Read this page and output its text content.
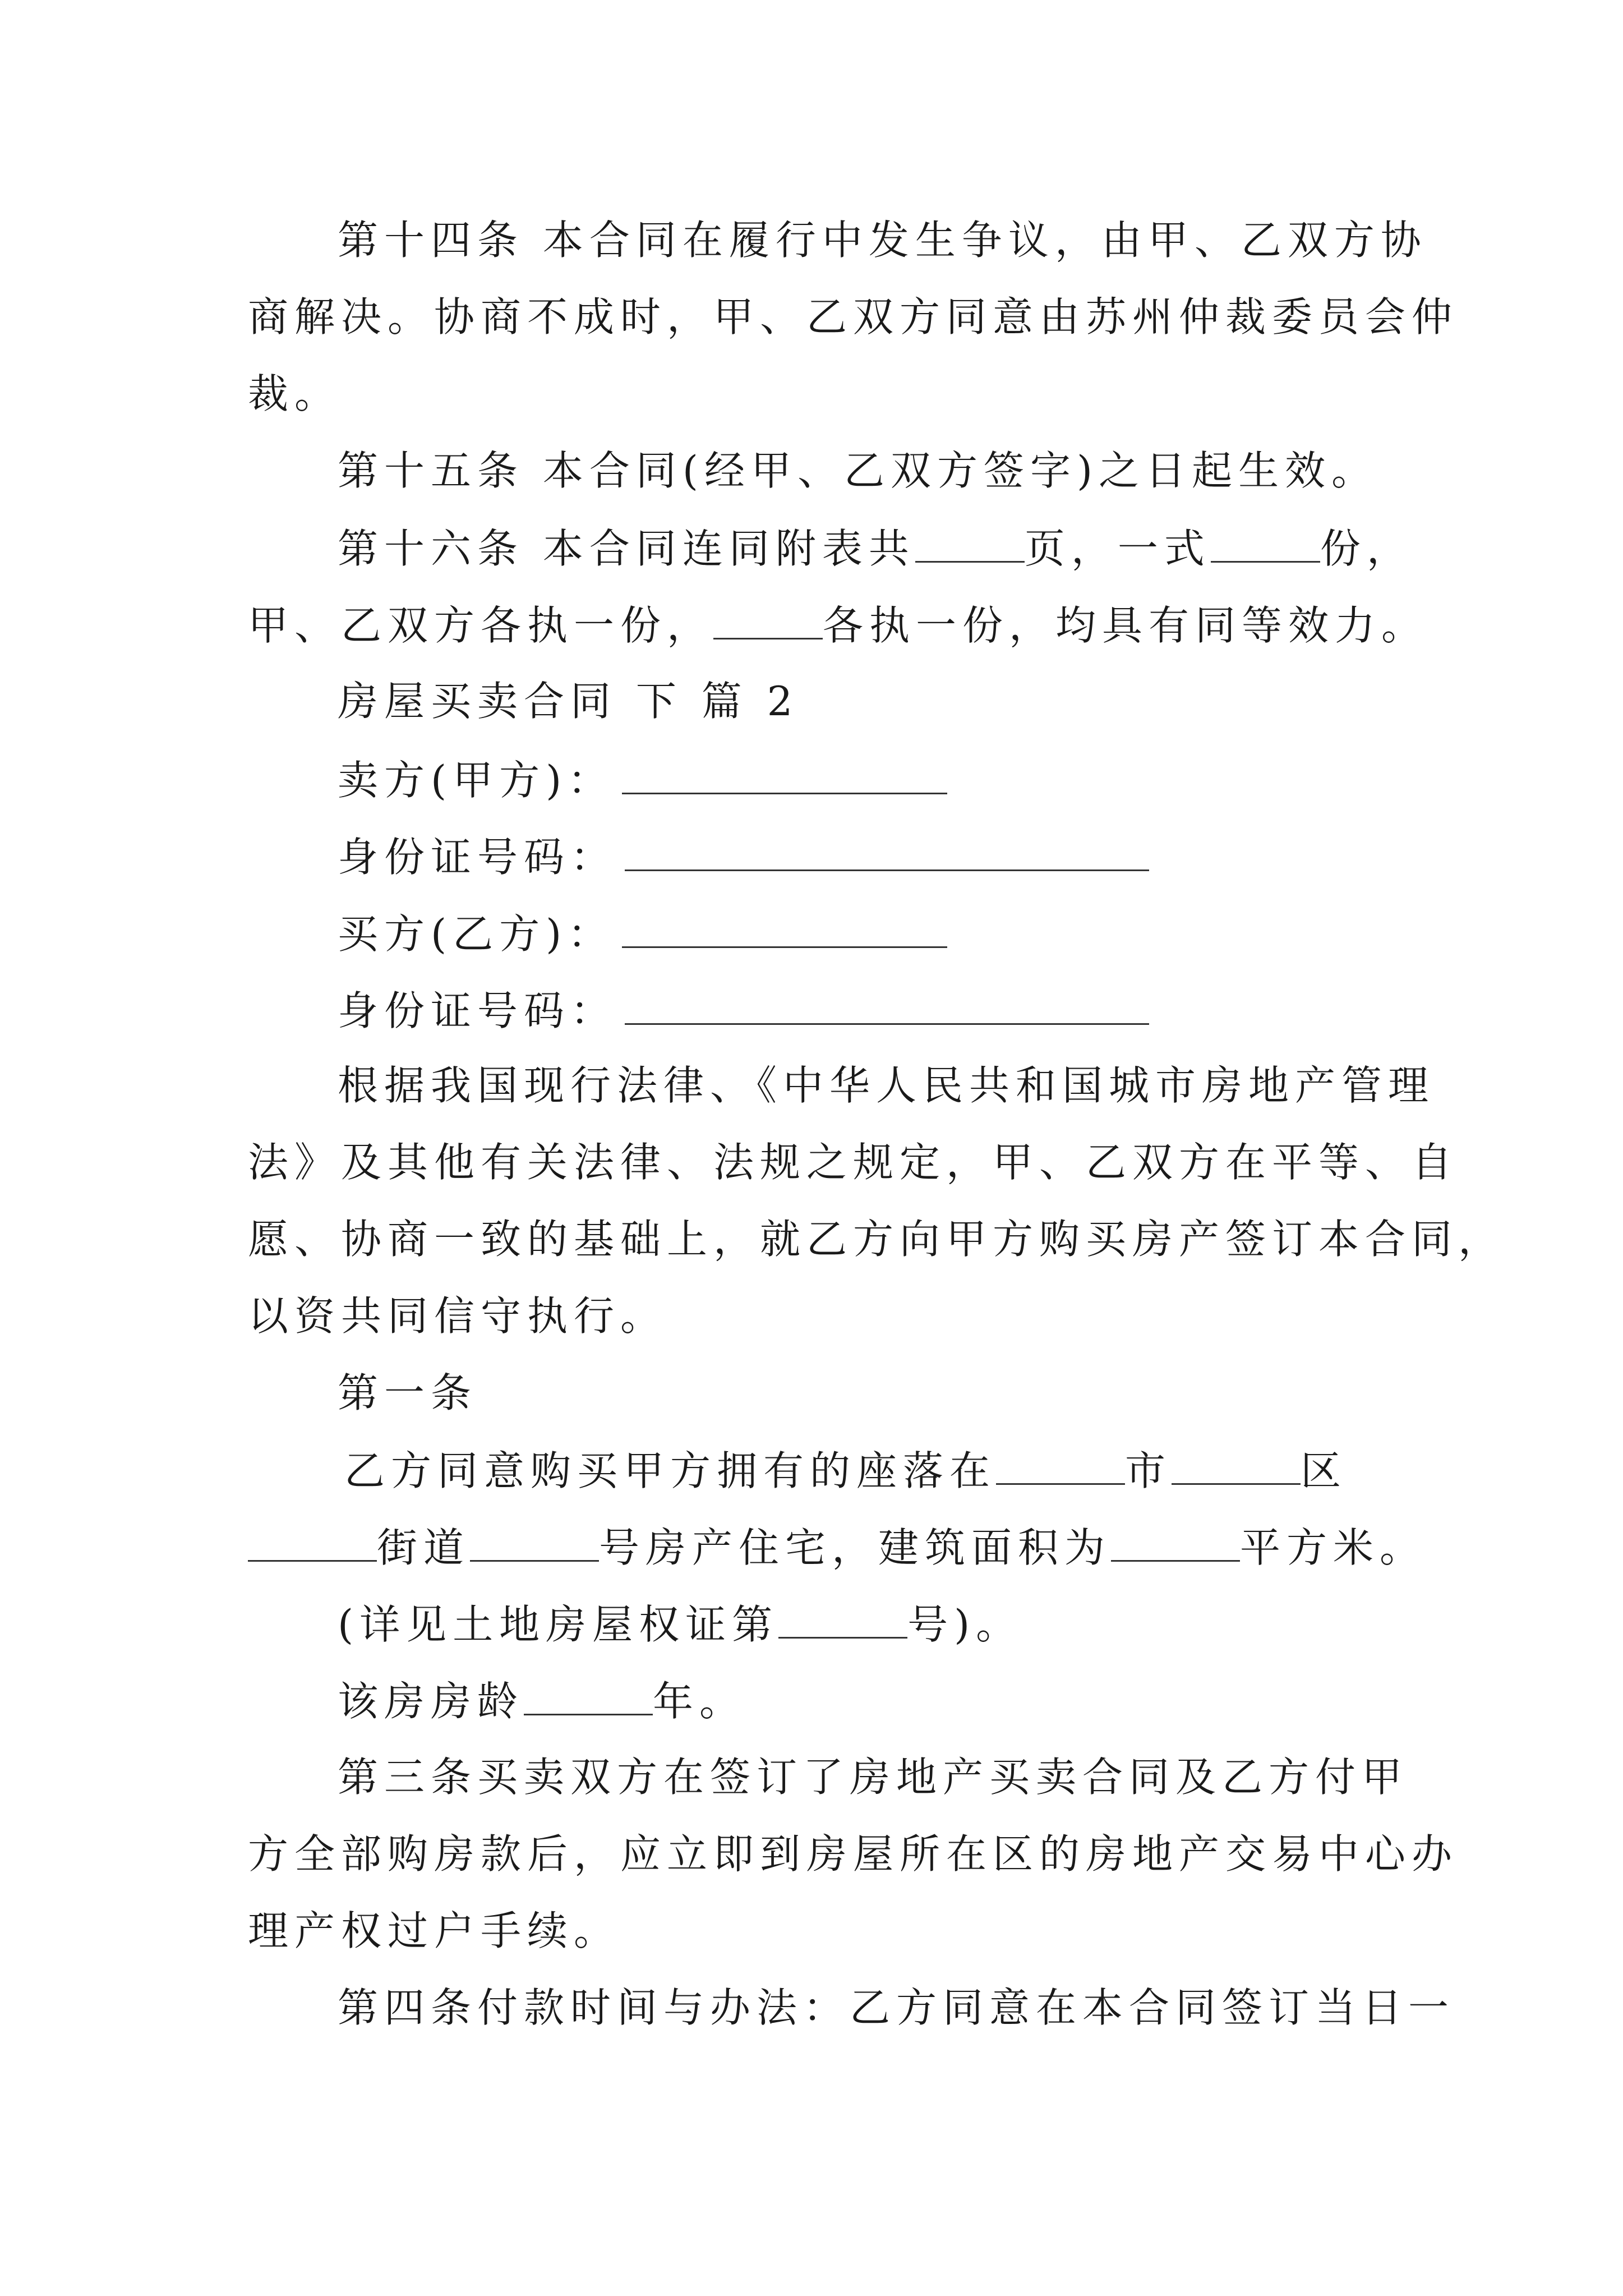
第十四条 本合同在履行中发生争议，由甲、乙双方协
商解决。协商不成时，甲、乙双方同意由苏州仲裁委员会仲
裁。
第十五条 本合同(经甲、乙双方签字)之日起生效。
第十六条 本合同连同附表共	页，一式	份，
甲、乙双方各执一份，	各执一份，均具有同等效力。
房屋买卖合同 下 篇 2
卖方(甲方)：
身份证号码：
买方(乙方)：
身份证号码：
根据我国现行法律、《中华人民共和国城市房地产管理
法》及其他有关法律、法规之规定，甲、乙双方在平等、自
愿、协商一致的基础上，就乙方向甲方购买房产签订本合同，
以资共同信守执行。
第一条
乙方同意购买甲方拥有的座落在	市	区
街道	号房产住宅，建筑面积为	平方米。
(详见土地房屋权证第	号)。
该房房龄	年。
第三条买卖双方在签订了房地产买卖合同及乙方付甲
方全部购房款后，应立即到房屋所在区的房地产交易中心办
理产权过户手续。
第四条付款时间与办法：乙方同意在本合同签订当日一
